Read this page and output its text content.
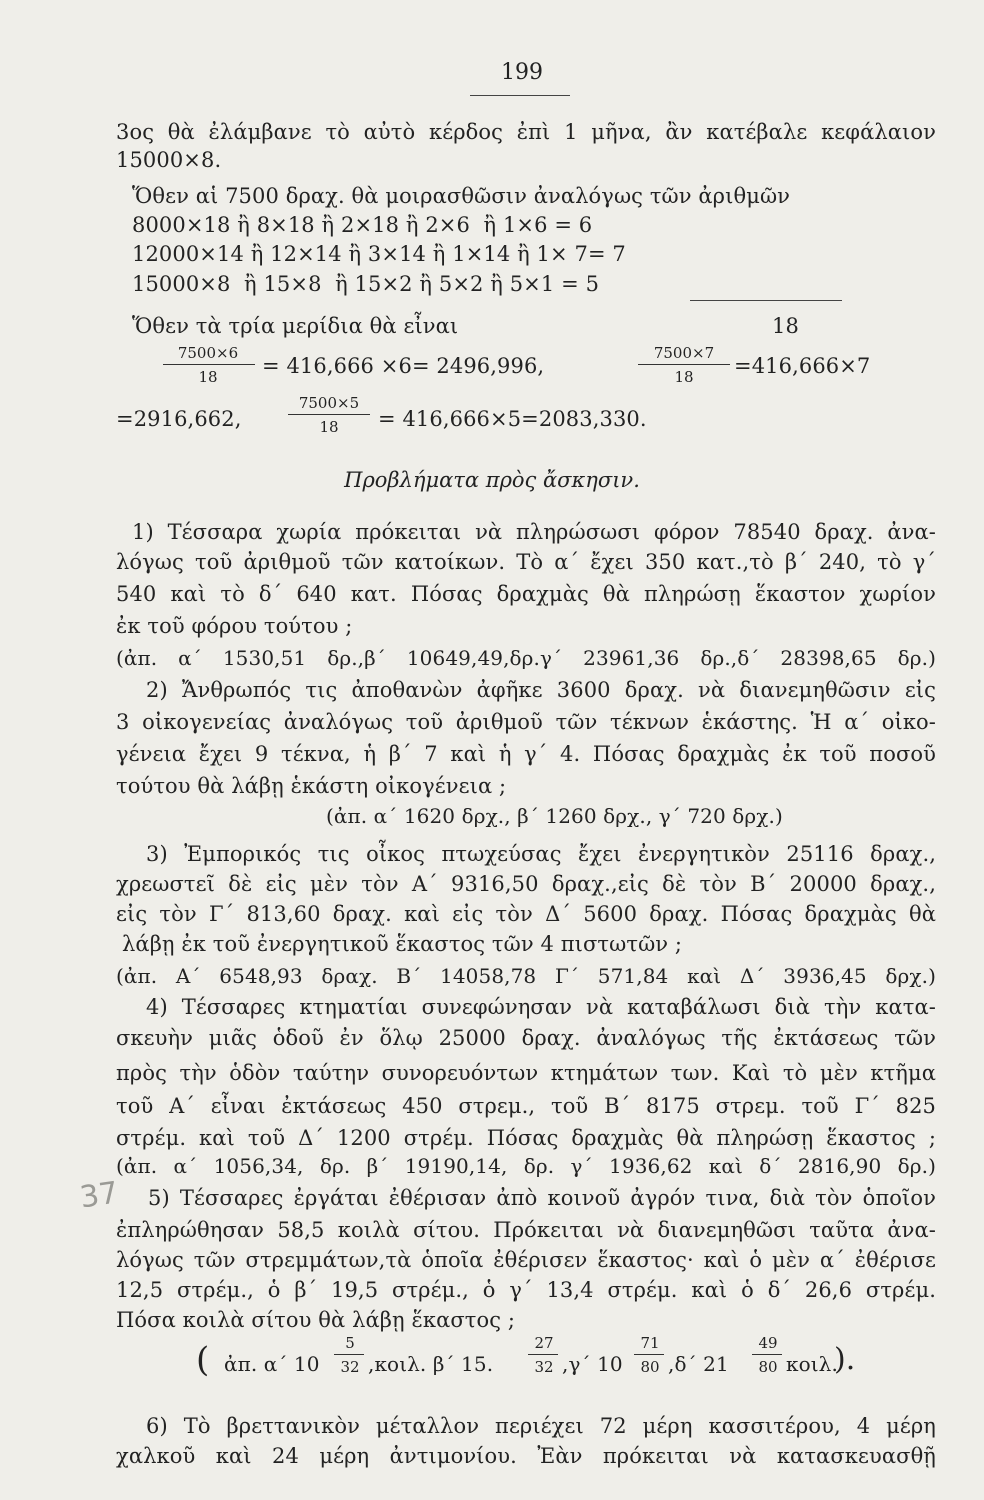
199
3ος θὰ ἐλάμβανε τὸ αὐτὸ κέρδος ἐπὶ 1 μῆνα, ἂν κατέβαλε κεφάλαιον
15000×8.
Ὅθεν αἱ 7500 δραχ. θὰ μοιρασθῶσιν ἀναλόγως τῶν ἀριθμῶν
8000×18 ἢ 8×18 ἢ 2×18 ἢ 2×6  ἢ 1×6 = 6
12000×14 ἢ 12×14 ἢ 3×14 ἢ 1×14 ἢ 1× 7= 7
15000×8  ἢ 15×8  ἢ 15×2 ἢ 5×2 ἢ 5×1 = 5
Ὅθεν τὰ τρία μερίδια θὰ εἶναι	18
7500×6
18	= 416,666 ×6= 2496,996,
7500×7
18	=416,666×7
=2916,662,
7500×5
18	= 416,666×5=2083,330.
Προβλήματα πρὸς ἄσκησιν.
1) Τέσσαρα χωρία πρόκειται νὰ πληρώσωσι φόρον 78540 δραχ. ἀνα-
λόγως τοῦ ἀριθμοῦ τῶν κατοίκων. Τὸ α΄ ἔχει 350 κατ.,τὸ β΄ 240, τὸ γ΄
540 καὶ τὸ δ΄ 640 κατ. Πόσας δραχμὰς θὰ πληρώσῃ ἕκαστον χωρίον
ἐκ τοῦ φόρου τούτου ;
(ἀπ. α΄ 1530,51 δρ.,β΄ 10649,49,δρ.γ΄ 23961,36 δρ.,δ΄ 28398,65 δρ.)
2) Ἄνθρωπός τις ἀποθανὼν ἀφῆκε 3600 δραχ. νὰ διανεμηθῶσιν εἰς
3 οἰκογενείας ἀναλόγως τοῦ ἀριθμοῦ τῶν τέκνων ἑκάστης. Ἡ α΄ οἰκο-
γένεια ἔχει 9 τέκνα, ἡ β΄ 7 καὶ ἡ γ΄ 4. Πόσας δραχμὰς ἐκ τοῦ ποσοῦ
τούτου θὰ λάβῃ ἑκάστη οἰκογένεια ;
(ἀπ. α΄ 1620 δρχ., β΄ 1260 δρχ., γ΄ 720 δρχ.)
3) Ἐμπορικός τις οἶκος πτωχεύσας ἔχει ἐνεργητικὸν 25116 δραχ.,
χρεωστεῖ δὲ εἰς μὲν τὸν Α΄ 9316,50 δραχ.,εἰς δὲ τὸν Β΄ 20000 δραχ.,
εἰς τὸν Γ΄ 813,60 δραχ. καὶ εἰς τὸν Δ΄ 5600 δραχ. Πόσας δραχμὰς θὰ
λάβῃ ἐκ τοῦ ἐνεργητικοῦ ἕκαστος τῶν 4 πιστωτῶν ;
(ἀπ. Α΄ 6548,93 δραχ. Β΄ 14058,78 Γ΄ 571,84 καὶ Δ΄ 3936,45 δρχ.)
4) Τέσσαρες κτηματίαι συνεφώνησαν νὰ καταβάλωσι διὰ τὴν κατα-
σκευὴν μιᾶς ὁδοῦ ἐν ὅλῳ 25000 δραχ. ἀναλόγως τῆς ἐκτάσεως τῶν
πρὸς τὴν ὁδὸν ταύτην συνορευόντων κτημάτων των. Καὶ τὸ μὲν κτῆμα
τοῦ Α΄ εἶναι ἐκτάσεως 450 στρεμ., τοῦ Β΄ 8175 στρεμ. τοῦ Γ΄ 825
στρέμ. καὶ τοῦ Δ΄ 1200 στρέμ. Πόσας δραχμὰς θὰ πληρώσῃ ἕκαστος ;
(ἀπ. α΄ 1056,34, δρ. β΄ 19190,14, δρ. γ΄ 1936,62 καὶ δ΄ 2816,90 δρ.)
37 5) Τέσσαρες ἐργάται ἐθέρισαν ἀπὸ κοινοῦ ἀγρόν τινα, διὰ τὸν ὁποῖον
ἐπληρώθησαν 58,5 κοιλὰ σίτου. Πρόκειται νὰ διανεμηθῶσι ταῦτα ἀνα-
λόγως τῶν στρεμμάτων,τὰ ὁποῖα ἐθέρισεν ἕκαστος· καὶ ὁ μὲν α΄ ἐθέρισε
12,5 στρέμ., ὁ β΄ 19,5 στρέμ., ὁ γ΄ 13,4 στρέμ. καὶ ὁ δ΄ 26,6 στρέμ.
Πόσα κοιλὰ σίτου θὰ λάβῃ ἕκαστος ;
( ἀπ. α΄ 10
5
32 ,κοιλ. β΄ 15.
27
32 ,γ΄ 10
71
80 ,δ΄ 21
49
80 κοιλ.
).
6) Τὸ βρεττανικὸν μέταλλον περιέχει 72 μέρη κασσιτέρου, 4 μέρη
χαλκοῦ καὶ 24 μέρη ἀντιμονίου. Ἐὰν πρόκειται νὰ κατασκευασθῇ
